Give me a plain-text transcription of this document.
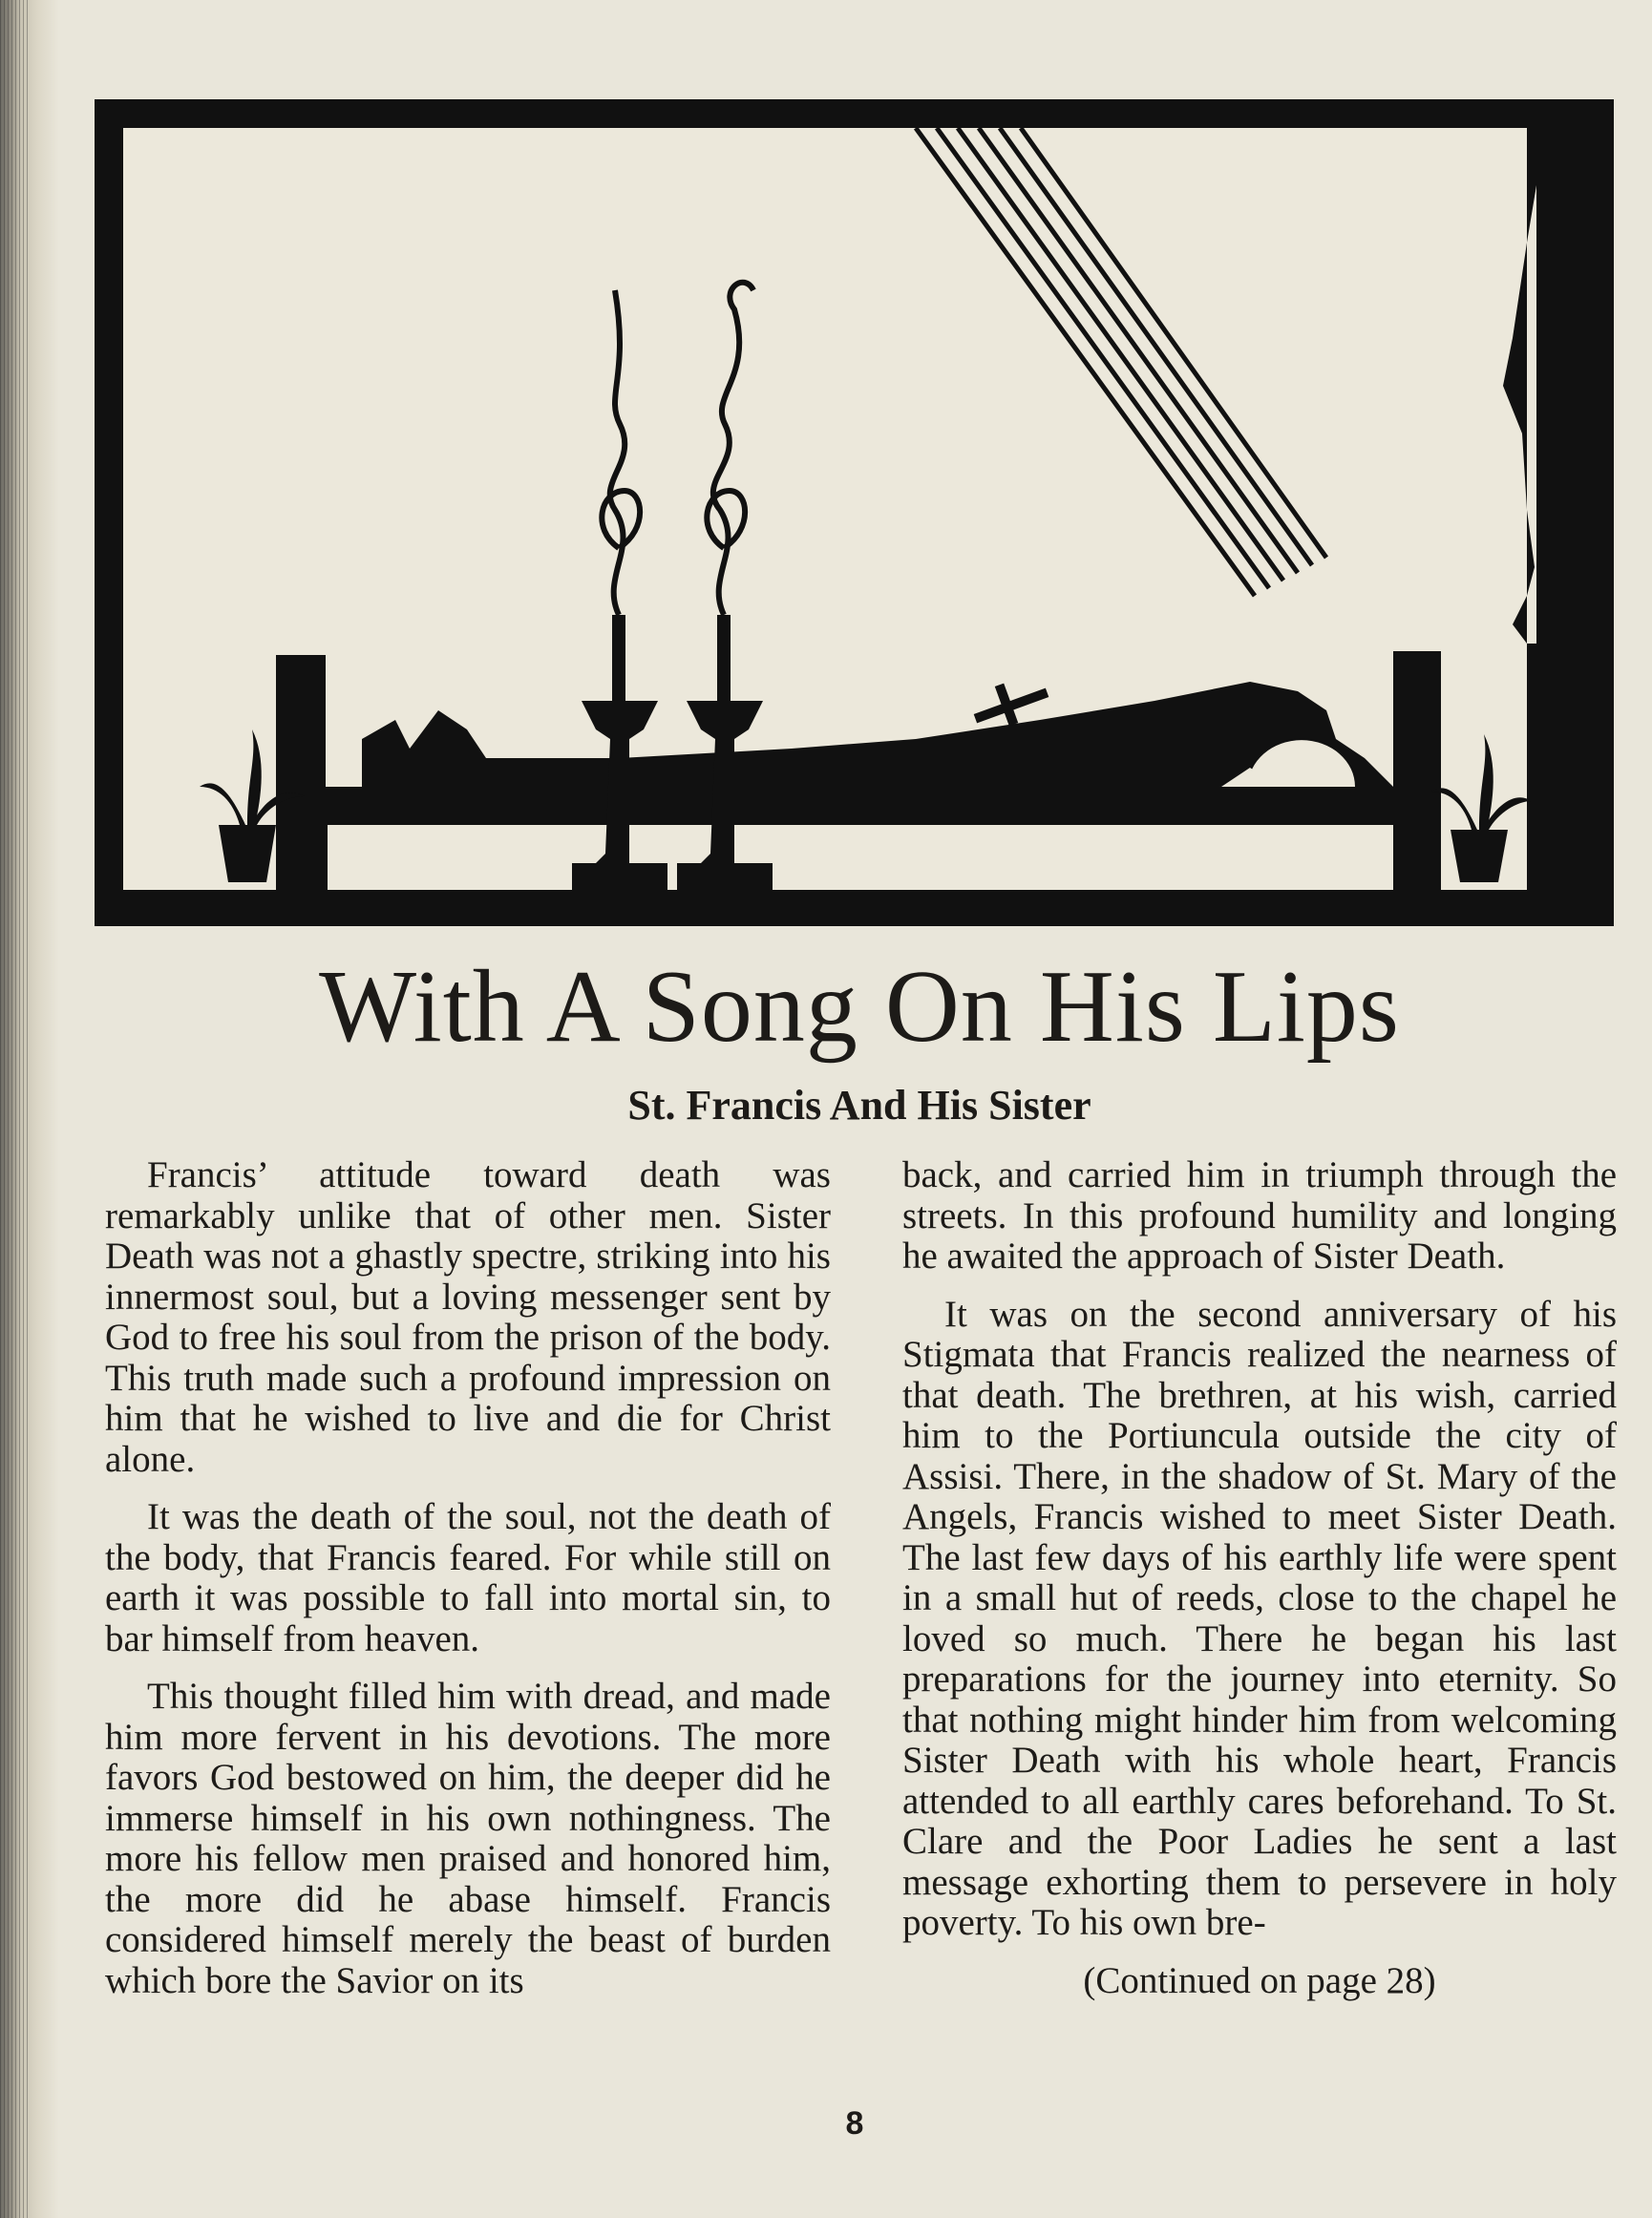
With A Song On His Lips
St. Francis And His Sister

Francis’ attitude toward death was remarkably unlike that of other men. Sister Death was not a ghastly spectre, striking into his innermost soul, but a loving messenger sent by God to free his soul from the prison of the body. This truth made such a profound impression on him that he wished to live and die for Christ alone.

It was the death of the soul, not the death of the body, that Francis feared. For while still on earth it was possible to fall into mortal sin, to bar himself from heaven.

This thought filled him with dread, and made him more fervent in his devotions. The more favors God bestowed on him, the deeper did he immerse himself in his own nothingness. The more his fellow men praised and honored him, the more did he abase himself. Francis considered himself merely the beast of burden which bore the Savior on its

back, and carried him in triumph through the streets. In this profound humility and longing he awaited the approach of Sister Death.

It was on the second anniversary of his Stigmata that Francis realized the nearness of that death. The brethren, at his wish, carried him to the Portiuncula outside the city of Assisi. There, in the shadow of St. Mary of the Angels, Francis wished to meet Sister Death. The last few days of his earthly life were spent in a small hut of reeds, close to the chapel he loved so much. There he began his last preparations for the journey into eternity. So that nothing might hinder him from welcoming Sister Death with his whole heart, Francis attended to all earthly cares beforehand. To St. Clare and the Poor Ladies he sent a last message exhorting them to persevere in holy poverty. To his own bre-

(Continued on page 28)
8
